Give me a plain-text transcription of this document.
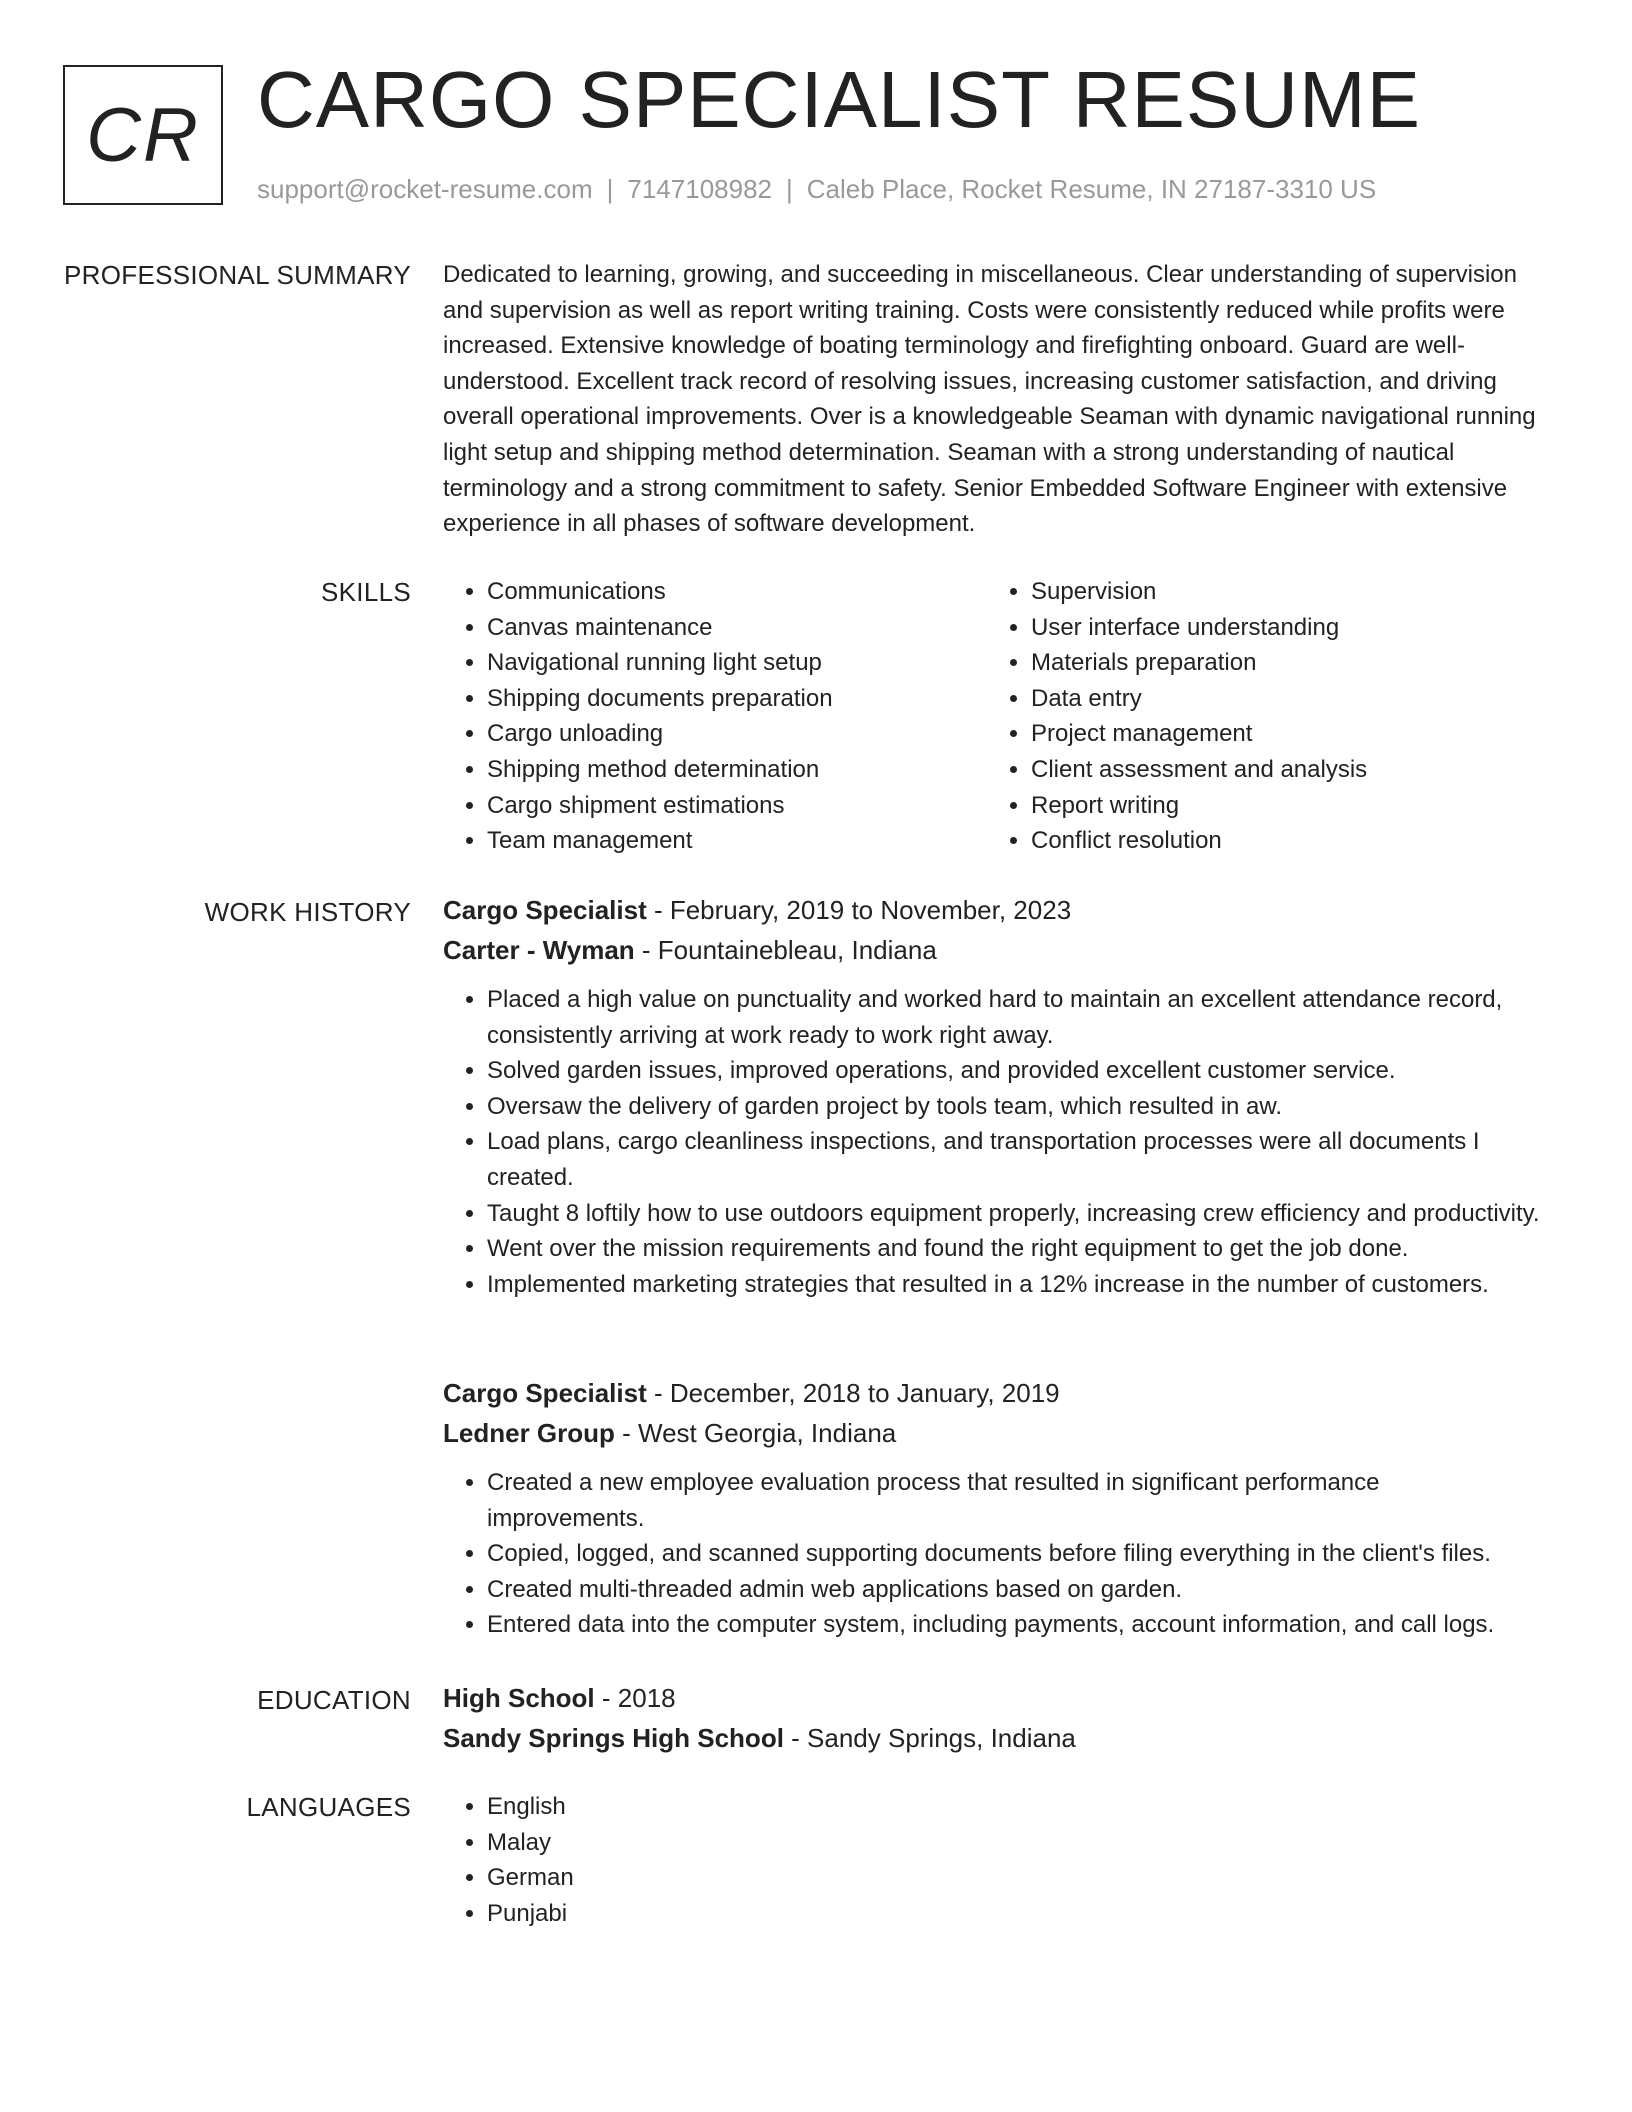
CR CARGO SPECIALIST RESUME
support@rocket-resume.com | 7147108982 | Caleb Place, Rocket Resume, IN 27187-3310 US
PROFESSIONAL SUMMARY Dedicated to learning, growing, and succeeding in miscellaneous. Clear understanding of supervision and supervision as well as report writing training. Costs were consistently reduced while profits were increased. Extensive knowledge of boating terminology and firefighting onboard. Guard are well-understood. Excellent track record of resolving issues, increasing customer satisfaction, and driving overall operational improvements. Over is a knowledgeable Seaman with dynamic navigational running light setup and shipping method determination. Seaman with a strong understanding of nautical terminology and a strong commitment to safety. Senior Embedded Software Engineer with extensive experience in all phases of software development.

SKILLS	• Communications
• Canvas maintenance
• Navigational running light setup
• Shipping documents preparation
• Cargo unloading
• Shipping method determination
• Cargo shipment estimations
• Team management
• Supervision
• User interface understanding
• Materials preparation
• Data entry
• Project management
• Client assessment and analysis
• Report writing
• Conflict resolution
WORK HISTORY Cargo Specialist - February, 2019 to November, 2023
Carter - Wyman - Fountainebleau, Indiana
• Placed a high value on punctuality and worked hard to maintain an excellent attendance record, consistently arriving at work ready to work right away.
• Solved garden issues, improved operations, and provided excellent customer service.
• Oversaw the delivery of garden project by tools team, which resulted in aw.
• Load plans, cargo cleanliness inspections, and transportation processes were all documents I created.
• Taught 8 loftily how to use outdoors equipment properly, increasing crew efficiency and productivity.
• Went over the mission requirements and found the right equipment to get the job done.
• Implemented marketing strategies that resulted in a 12% increase in the number of customers.
Cargo Specialist - December, 2018 to January, 2019
Ledner Group - West Georgia, Indiana
• Created a new employee evaluation process that resulted in significant performance improvements.
• Copied, logged, and scanned supporting documents before filing everything in the client's files.
• Created multi-threaded admin web applications based on garden.
• Entered data into the computer system, including payments, account information, and call logs.
EDUCATION High School - 2018
Sandy Springs High School - Sandy Springs, Indiana
LANGUAGES	• English
• Malay
• German
• Punjabi
